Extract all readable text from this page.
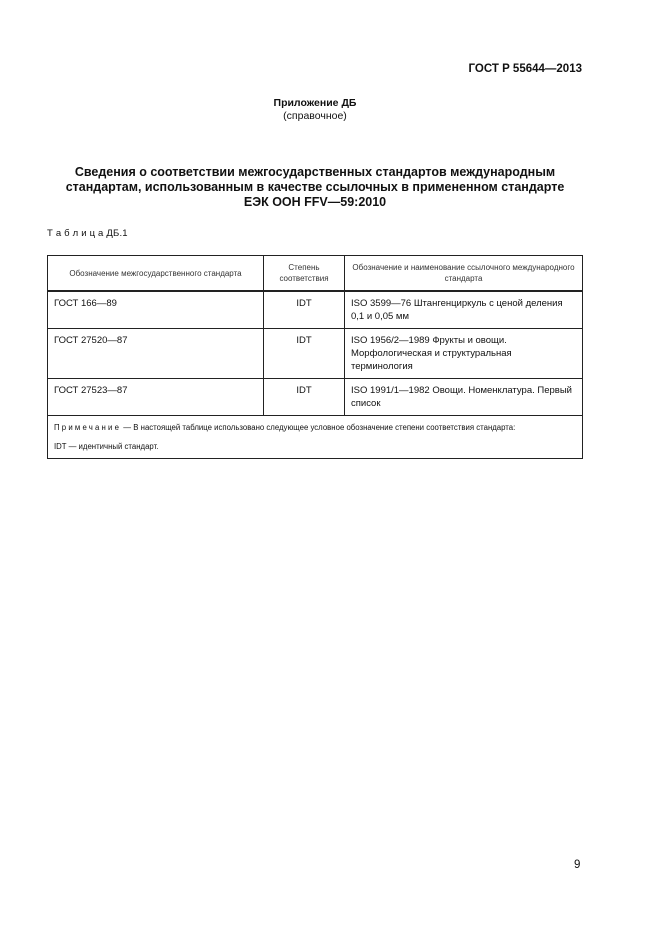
ГОСТ Р 55644—2013
Приложение ДБ
(справочное)
Сведения о соответствии межгосударственных стандартов международным
стандартам, использованным в качестве ссылочных в примененном стандарте
ЕЭК ООН FFV—59:2010
Т а б л и ц а ДБ.1
Обозначение межгосударственного стандарта	Степень соответствия	Обозначение и наименование ссылочного международного стандарта
ГОСТ 166—89	IDT	ISO 3599—76 Штангенциркуль с ценой деления 0,1 и 0,05 мм
ГОСТ 27520—87	IDT	ISO 1956/2—1989 Фрукты и овощи. Морфологическая и структуральная терминология
ГОСТ 27523—87	IDT	ISO 1991/1—1982 Овощи. Номенклатура. Первый список

Примечание — В настоящей таблице использовано следующее условное обозначение степени соответствия стандарта:
IDT — идентичный стандарт.		
9
